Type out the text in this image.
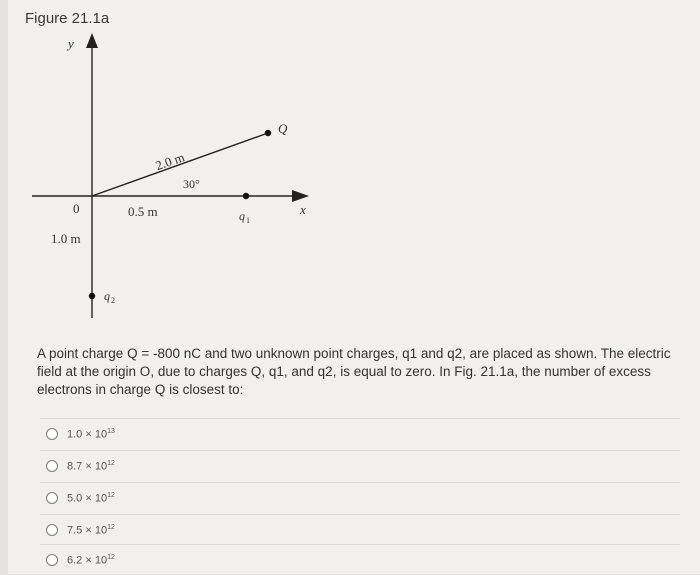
Figure 21.1a
y
x
0
Q
q 1
q 2
2.0 m
30°
0.5 m
1.0 m
A point charge Q = -800 nC and two unknown point charges, q1 and q2, are placed as shown. The electric field at the origin O, due to charges Q, q1, and q2, is equal to zero. In Fig. 21.1a, the number of excess electrons in charge Q is closest to:
$1.0 \times 10^{13}$
$8.7 \times 10^{12}$
$5.0 \times 10^{12}$
$7.5 \times 10^{12}$
$6.2 \times 10^{12}$
